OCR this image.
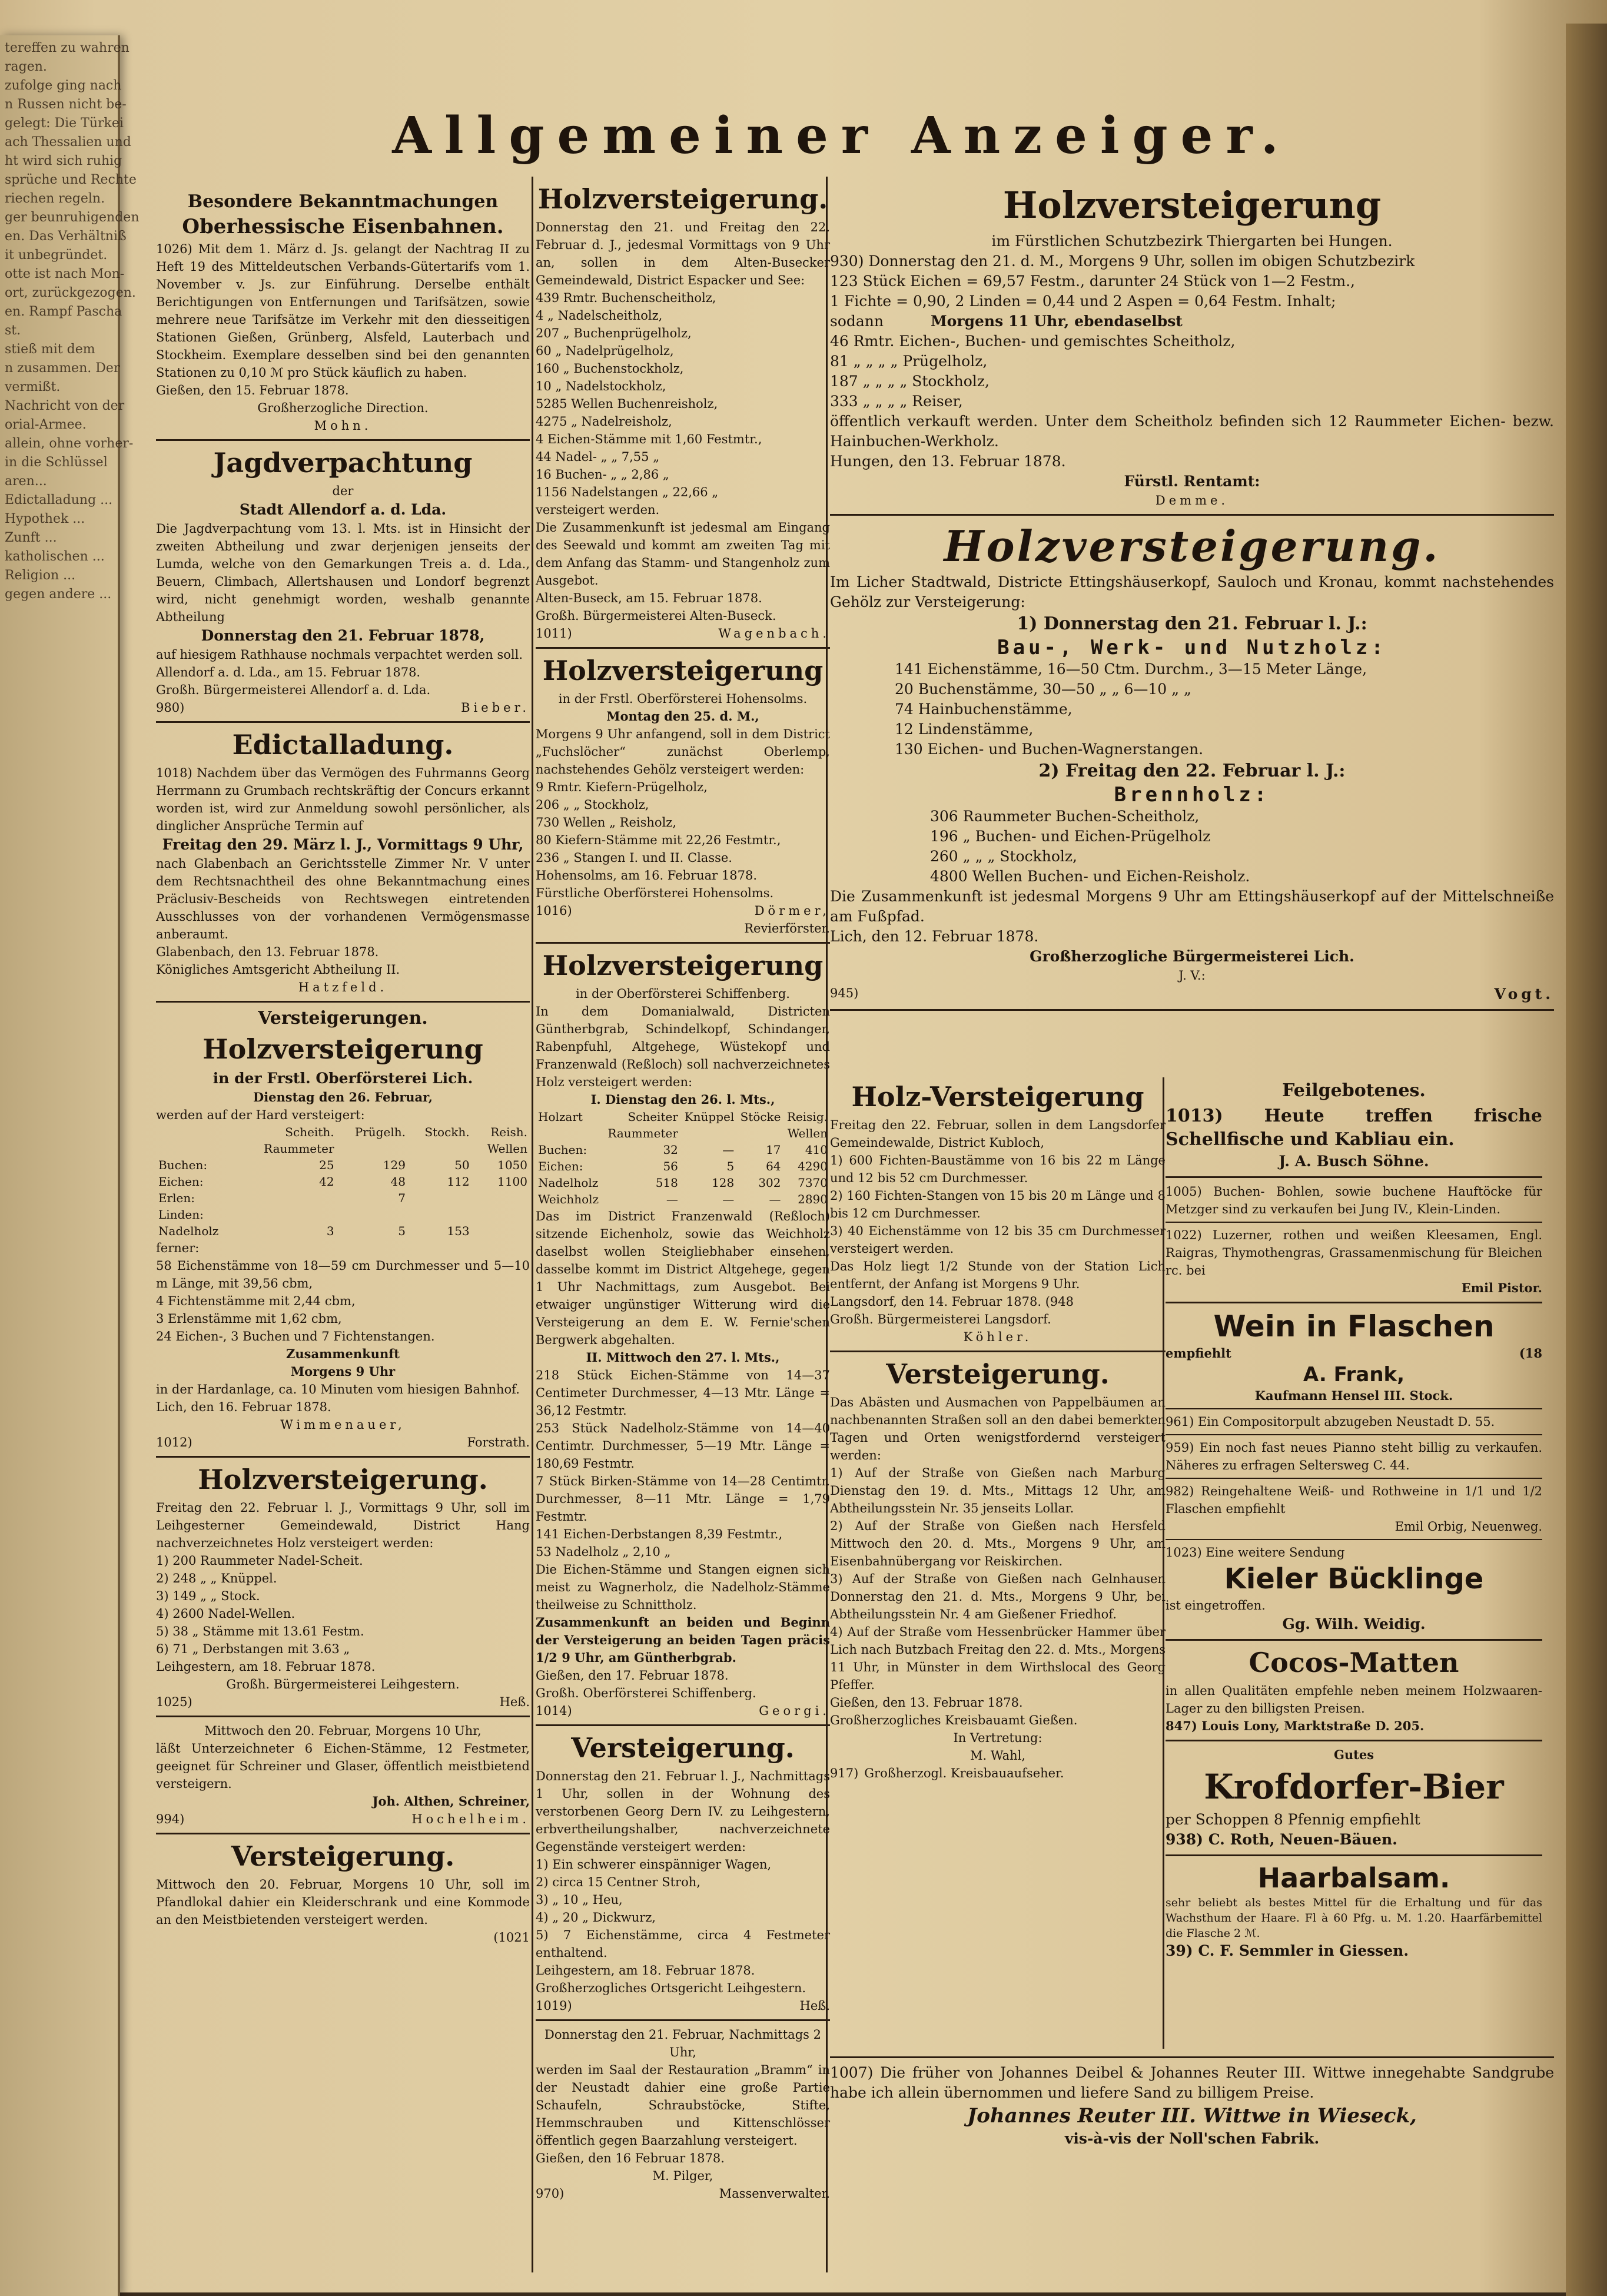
tereffen zu wahren
ragen.
zufolge ging nach
n Russen nicht be-
gelegt: Die Türkei
ach Thessalien und
ht wird sich ruhig
sprüche und Rechte
riechen regeln.
ger beunruhigenden
en. Das Verhältniß
it unbegründet.
otte ist nach Mon-
ort, zurückgezogen.
en. Rampf Pascha
st.
stieß mit dem
n zusammen. Der
vermißt.
Nachricht von der
orial-Armee.
allein, ohne vorher-
in die Schlüssel
aren...
Edictalladung ...
Hypothek ...
Zunft ...
katholischen ...
Religion ...
gegen andere ...
Allgemeiner Anzeiger.
Besondere Bekanntmachungen
Oberhessische Eisenbahnen.
1026) Mit dem 1. März d. Js. gelangt der Nachtrag II zu Heft 19 des Mitteldeutschen Verbands-Gütertarifs vom 1. November v. Js. zur Einführung. Derselbe enthält Berichtigungen von Entfernungen und Tarifsätzen, sowie mehrere neue Tarifsätze im Verkehr mit den diesseitigen Stationen Gießen, Grünberg, Alsfeld, Lauterbach und Stockheim. Exemplare desselben sind bei den genannten Stationen zu 0,10 ℳ pro Stück käuflich zu haben.
Gießen, den 15. Februar 1878.
Großherzogliche Direction.
Mohn.
Jagdverpachtung
der
Stadt Allendorf a. d. Lda.
Die Jagdverpachtung vom 13. l. Mts. ist in Hinsicht der zweiten Abtheilung und zwar derjenigen jenseits der Lumda, welche von den Gemarkungen Treis a. d. Lda., Beuern, Climbach, Allertshausen und Londorf begrenzt wird, nicht genehmigt worden, weshalb genannte Abtheilung
Donnerstag den 21. Februar 1878,
auf hiesigem Rathhause nochmals verpachtet werden soll.
Allendorf a. d. Lda., am 15. Februar 1878.
Großh. Bürgermeisterei Allendorf a. d. Lda.
980)	Bieber.
Edictalladung.
1018) Nachdem über das Vermögen des Fuhrmanns Georg Herrmann zu Grumbach rechtskräftig der Concurs erkannt worden ist, wird zur Anmeldung sowohl persönlicher, als dinglicher Ansprüche Termin auf
Freitag den 29. März l. J., Vormittags 9 Uhr,
nach Glabenbach an Gerichtsstelle Zimmer Nr. V unter dem Rechtsnachtheil des ohne Bekanntmachung eines Präclusiv-Bescheids von Rechtswegen eintretenden Ausschlusses von der vorhandenen Vermögensmasse anberaumt.
Glabenbach, den 13. Februar 1878.
Königliches Amtsgericht Abtheilung II.
Hatzfeld.
Versteigerungen.
Holzversteigerung
in der Frstl. Oberförsterei Lich.
Dienstag den 26. Februar,
werden auf der Hard versteigert:
	Scheith.	Prügelh.	Stockh.	Reish.
	Raummeter			Wellen
Buchen:	25	129	50	1050
Eichen:	42	48	112	1100
Erlen:		7		
Linden:				
Nadelholz	3	5	153	
ferner:
58 Eichenstämme von 18—59 cm Durchmesser und 5—10 m Länge, mit 39,56 cbm,
4 Fichtenstämme mit 2,44 cbm,
3 Erlenstämme mit 1,62 cbm,
24 Eichen-, 3 Buchen und 7 Fichtenstangen.
Zusammenkunft
Morgens 9 Uhr
in der Hardanlage, ca. 10 Minuten vom hiesigen Bahnhof.
Lich, den 16. Februar 1878.
Wimmenauer,
1012)	Forstrath.
Holzversteigerung.
Freitag den 22. Februar l. J., Vormittags 9 Uhr, soll im Leihgesterner Gemeindewald, District Hang nachverzeichnetes Holz versteigert werden:
1) 200 Raummeter Nadel-Scheit.
2) 248 „ „ Knüppel.
3) 149 „ „ Stock.
4) 2600 Nadel-Wellen.
5) 38 „ Stämme mit 13.61 Festm.
6) 71 „ Derbstangen mit 3.63 „
Leihgestern, am 18. Februar 1878.
Großh. Bürgermeisterei Leihgestern.
1025)	Heß.
Mittwoch den 20. Februar, Morgens 10 Uhr,
läßt Unterzeichneter 6 Eichen-Stämme, 12 Festmeter, geeignet für Schreiner und Glaser, öffentlich meistbietend versteigern.
Joh. Althen, Schreiner,
994)	Hochelheim.
Versteigerung.
Mittwoch den 20. Februar, Morgens 10 Uhr, soll im Pfandlokal dahier ein Kleiderschrank und eine Kommode an den Meistbietenden versteigert werden.
(1021
Holzversteigerung.
Donnerstag den 21. und Freitag den 22. Februar d. J., jedesmal Vormittags von 9 Uhr an, sollen in dem Alten-Busecker Gemeindewald, District Espacker und See:
439 Rmtr. Buchenscheitholz,
4 „ Nadelscheitholz,
207 „ Buchenprügelholz,
60 „ Nadelprügelholz,
160 „ Buchenstockholz,
10 „ Nadelstockholz,
5285 Wellen Buchenreisholz,
4275 „ Nadelreisholz,
4 Eichen-Stämme mit 1,60 Festmtr.,
44 Nadel- „ „ 7,55 „
16 Buchen- „ „ 2,86 „
1156 Nadelstangen „ 22,66 „
versteigert werden.
Die Zusammenkunft ist jedesmal am Eingang des Seewald und kommt am zweiten Tag mit dem Anfang das Stamm- und Stangenholz zum Ausgebot.
Alten-Buseck, am 15. Februar 1878.
Großh. Bürgermeisterei Alten-Buseck.
1011)	Wagenbach.
Holzversteigerung
in der Frstl. Oberförsterei Hohensolms.
Montag den 25. d. M.,
Morgens 9 Uhr anfangend, soll in dem District „Fuchslöcher“ zunächst Oberlemp, nachstehendes Gehölz versteigert werden:
9 Rmtr. Kiefern-Prügelholz,
206 „ „ Stockholz,
730 Wellen „ Reisholz,
80 Kiefern-Stämme mit 22,26 Festmtr.,
236 „ Stangen I. und II. Classe.
Hohensolms, am 16. Februar 1878.
Fürstliche Oberförsterei Hohensolms.
1016)	Dörmer,
Revierförster.
Holzversteigerung
in der Oberförsterei Schiffenberg.
In dem Domanialwald, Districten Güntherbgrab, Schindelkopf, Schindanger, Rabenpfuhl, Altgehege, Wüstekopf und Franzenwald (Reßloch) soll nachverzeichnetes Holz versteigert werden:
I. Dienstag den 26. l. Mts.,
Holzart	Scheiter	Knüppel	Stöcke	Reisig.
	Raummeter			Wellen
Buchen:	32	—	17	410
Eichen:	56	5	64	4290
Nadelholz	518	128	302	7370
Weichholz	—	—	—	2890
Das im District Franzenwald (Reßloch) sitzende Eichenholz, sowie das Weichholz daselbst wollen Steigliebhaber einsehen, dasselbe kommt im District Altgehege, gegen 1 Uhr Nachmittags, zum Ausgebot. Bei etwaiger ungünstiger Witterung wird die Versteigerung an dem E. W. Fernie'schen Bergwerk abgehalten.
II. Mittwoch den 27. l. Mts.,
218 Stück Eichen-Stämme von 14—37 Centimeter Durchmesser, 4—13 Mtr. Länge = 36,12 Festmtr.
253 Stück Nadelholz-Stämme von 14—40 Centimtr. Durchmesser, 5—19 Mtr. Länge = 180,69 Festmtr.
7 Stück Birken-Stämme von 14—28 Centimtr. Durchmesser, 8—11 Mtr. Länge = 1,79 Festmtr.
141 Eichen-Derbstangen 8,39 Festmtr.,
53 Nadelholz „ 2,10 „
Die Eichen-Stämme und Stangen eignen sich meist zu Wagnerholz, die Nadelholz-Stämme theilweise zu Schnittholz.
Zusammenkunft an beiden und Beginn der Versteigerung an beiden Tagen präcis 1/2 9 Uhr, am Güntherbgrab.
Gießen, den 17. Februar 1878.
Großh. Oberförsterei Schiffenberg.
1014)	Georgi.
Versteigerung.
Donnerstag den 21. Februar l. J., Nachmittags 1 Uhr, sollen in der Wohnung des verstorbenen Georg Dern IV. zu Leihgestern, erbvertheilungshalber, nachverzeichnete Gegenstände versteigert werden:
1) Ein schwerer einspänniger Wagen,
2) circa 15 Centner Stroh,
3) „ 10 „ Heu,
4) „ 20 „ Dickwurz,
5) 7 Eichenstämme, circa 4 Festmeter enthaltend.
Leihgestern, am 18. Februar 1878.
Großherzogliches Ortsgericht Leihgestern.
1019)	Heß.
Donnerstag den 21. Februar, Nachmittags 2 Uhr,
werden im Saal der Restauration „Bramm“ in der Neustadt dahier eine große Partie Schaufeln, Schraubstöcke, Stifte, Hemmschrauben und Kittenschlösser öffentlich gegen Baarzahlung versteigert.
Gießen, den 16 Februar 1878.
M. Pilger,
970)	Massenverwalter.
Holzversteigerung
im Fürstlichen Schutzbezirk Thiergarten bei Hungen.
930) Donnerstag den 21. d. M., Morgens 9 Uhr, sollen im obigen Schutzbezirk
123 Stück Eichen = 69,57 Festm., darunter 24 Stück von 1—2 Festm.,
1 Fichte = 0,90, 2 Linden = 0,44 und 2 Aspen = 0,64 Festm. Inhalt;
sodann	Morgens 11 Uhr, ebendaselbst
46 Rmtr. Eichen-, Buchen- und gemischtes Scheitholz,
81 „ „ „ „ Prügelholz,
187 „ „ „ „ Stockholz,
333 „ „ „ „ Reiser,
öffentlich verkauft werden. Unter dem Scheitholz befinden sich 12 Raummeter Eichen- bezw. Hainbuchen-Werkholz.
Hungen, den 13. Februar 1878.
Fürstl. Rentamt:
Demme.
Holzversteigerung.
Im Licher Stadtwald, Districte Ettingshäuserkopf, Sauloch und Kronau, kommt nachstehendes Gehölz zur Versteigerung:
1) Donnerstag den 21. Februar l. J.:
Bau-, Werk- und Nutzholz:
141 Eichenstämme, 16—50 Ctm. Durchm., 3—15 Meter Länge,
20 Buchenstämme, 30—50 „ „ 6—10 „ „
74 Hainbuchenstämme,
12 Lindenstämme,
130 Eichen- und Buchen-Wagnerstangen.
2) Freitag den 22. Februar l. J.:
Brennholz:
306 Raummeter Buchen-Scheitholz,
196 „ Buchen- und Eichen-Prügelholz
260 „ „ „ Stockholz,
4800 Wellen Buchen- und Eichen-Reisholz.
Die Zusammenkunft ist jedesmal Morgens 9 Uhr am Ettingshäuserkopf auf der Mittelschneiße am Fußpfad.
Lich, den 12. Februar 1878.
Großherzogliche Bürgermeisterei Lich.
J. V.:
945)	Vogt.
Holz-Versteigerung
Freitag den 22. Februar, sollen in dem Langsdorfer Gemeindewalde, District Kubloch,
1) 600 Fichten-Baustämme von 16 bis 22 m Länge und 12 bis 52 cm Durchmesser.
2) 160 Fichten-Stangen von 15 bis 20 m Länge und 8 bis 12 cm Durchmesser.
3) 40 Eichenstämme von 12 bis 35 cm Durchmesser versteigert werden.
Das Holz liegt 1/2 Stunde von der Station Lich entfernt, der Anfang ist Morgens 9 Uhr.
Langsdorf, den 14. Februar 1878. (948
Großh. Bürgermeisterei Langsdorf.
Köhler.
Versteigerung.
Das Abästen und Ausmachen von Pappelbäumen an nachbenannten Straßen soll an den dabei bemerkten Tagen und Orten wenigstfordernd versteigert werden:
1) Auf der Straße von Gießen nach Marburg Dienstag den 19. d. Mts., Mittags 12 Uhr, am Abtheilungsstein Nr. 35 jenseits Lollar.
2) Auf der Straße von Gießen nach Hersfeld Mittwoch den 20. d. Mts., Morgens 9 Uhr, am Eisenbahnübergang vor Reiskirchen.
3) Auf der Straße von Gießen nach Gelnhausen Donnerstag den 21. d. Mts., Morgens 9 Uhr, bei Abtheilungsstein Nr. 4 am Gießener Friedhof.
4) Auf der Straße vom Hessenbrücker Hammer über Lich nach Butzbach Freitag den 22. d. Mts., Morgens 11 Uhr, in Münster in dem Wirthslocal des Georg Pfeffer.
Gießen, den 13. Februar 1878.
Großherzogliches Kreisbauamt Gießen.
In Vertretung:
M. Wahl,
917) Großherzogl. Kreisbauaufseher.
Feilgebotenes.
1013) Heute treffen frische Schellfische und Kabliau ein.
J. A. Busch Söhne.
1005) Buchen- Bohlen, sowie buchene Hauftöcke für Metzger sind zu verkaufen bei Jung IV., Klein-Linden.
1022) Luzerner, rothen und weißen Kleesamen, Engl. Raigras, Thymothengras, Grassamenmischung für Bleichen rc. bei
Emil Pistor.
Wein in Flaschen
empfiehlt	(18
A. Frank,
Kaufmann Hensel III. Stock.
961) Ein Compositorpult abzugeben Neustadt D. 55.
959) Ein noch fast neues Pianno steht billig zu verkaufen. Näheres zu erfragen Seltersweg C. 44.
982) Reingehaltene Weiß- und Rothweine in 1/1 und 1/2 Flaschen empfiehlt
Emil Orbig, Neuenweg.
1023) Eine weitere Sendung
Kieler Bücklinge
ist eingetroffen.
Gg. Wilh. Weidig.
Cocos-Matten
in allen Qualitäten empfehle neben meinem Holzwaaren-Lager zu den billigsten Preisen.
847) Louis Lony, Marktstraße D. 205.
Gutes
Krofdorfer-Bier
per Schoppen 8 Pfennig empfiehlt
938) C. Roth, Neuen-Bäuen.
Haarbalsam.
sehr beliebt als bestes Mittel für die Erhaltung und für das Wachsthum der Haare. Fl à 60 Pfg. u. M. 1.20. Haarfärbemittel die Flasche 2 ℳ.
39) C. F. Semmler in Giessen.
1007) Die früher von Johannes Deibel & Johannes Reuter III. Wittwe innegehabte Sandgrube habe ich allein übernommen und liefere Sand zu billigem Preise.
Johannes Reuter III. Wittwe in Wieseck,
vis-à-vis der Noll'schen Fabrik.
